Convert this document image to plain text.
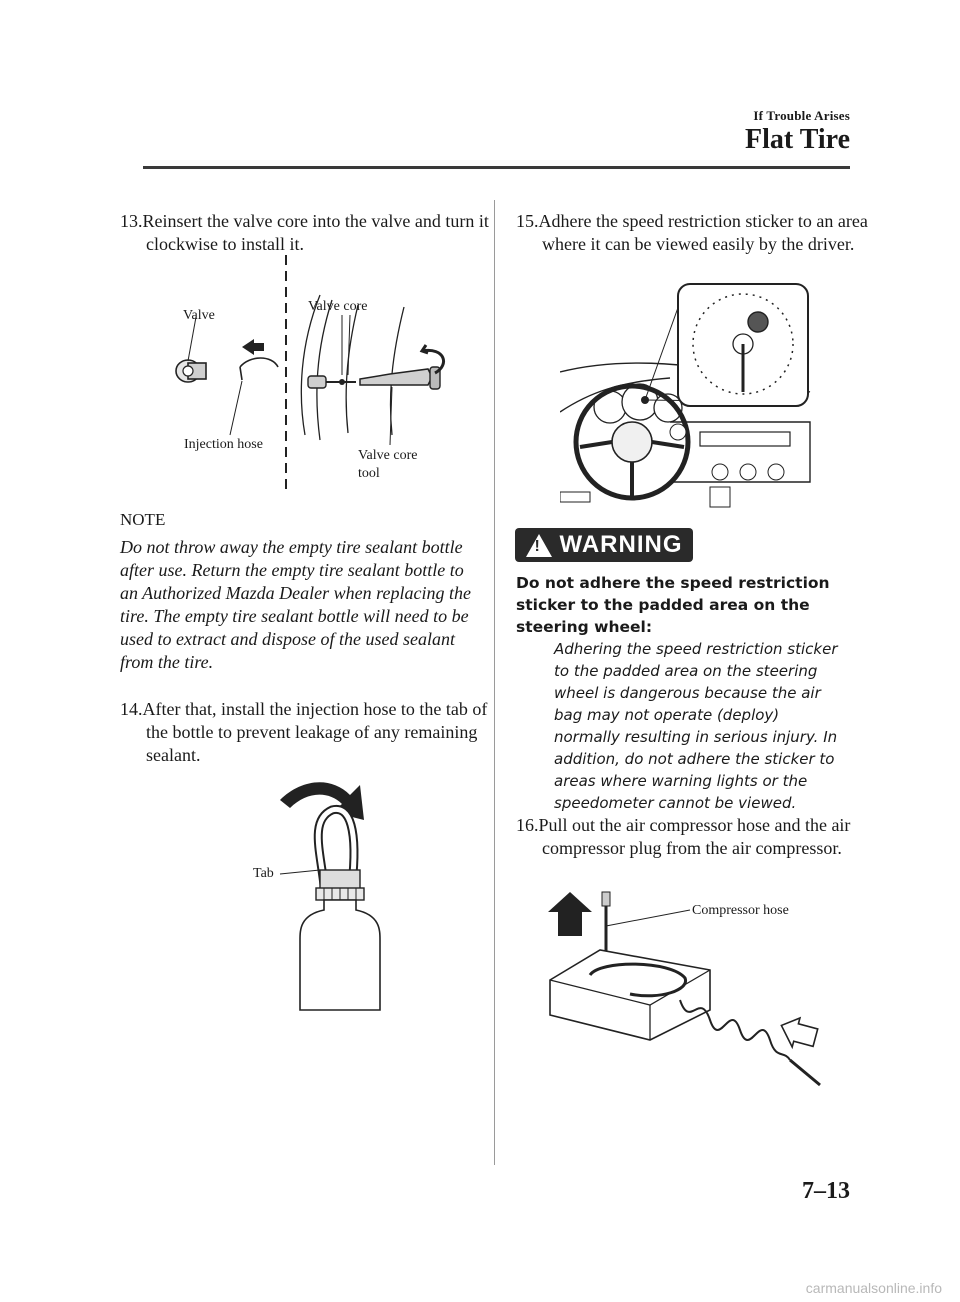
If Trouble Arises
Flat Tire
13.Reinsert the valve core into the valve and turn it clockwise to install it.
Valve
Valve core
Injection hose
Valve core
tool
NOTE
Do not throw away the empty tire sealant bottle after use. Return the empty tire sealant bottle to an Authorized Mazda Dealer when replacing the tire. The empty tire sealant bottle will need to be used to extract and dispose of the used sealant from the tire.
14.After that, install the injection hose to the tab of the bottle to prevent leakage of any remaining sealant.
Tab
15.Adhere the speed restriction sticker to an area where it can be viewed easily by the driver.
! WARNING
Do not adhere the speed restriction sticker to the padded area on the steering wheel:
Adhering the speed restriction sticker to the padded area on the steering wheel is dangerous because the air bag may not operate (deploy) normally resulting in serious injury. In addition, do not adhere the sticker to areas where warning lights or the speedometer cannot be viewed.
16.Pull out the air compressor hose and the air compressor plug from the air compressor.
Compressor hose
7–13
carmanualsonline.info
